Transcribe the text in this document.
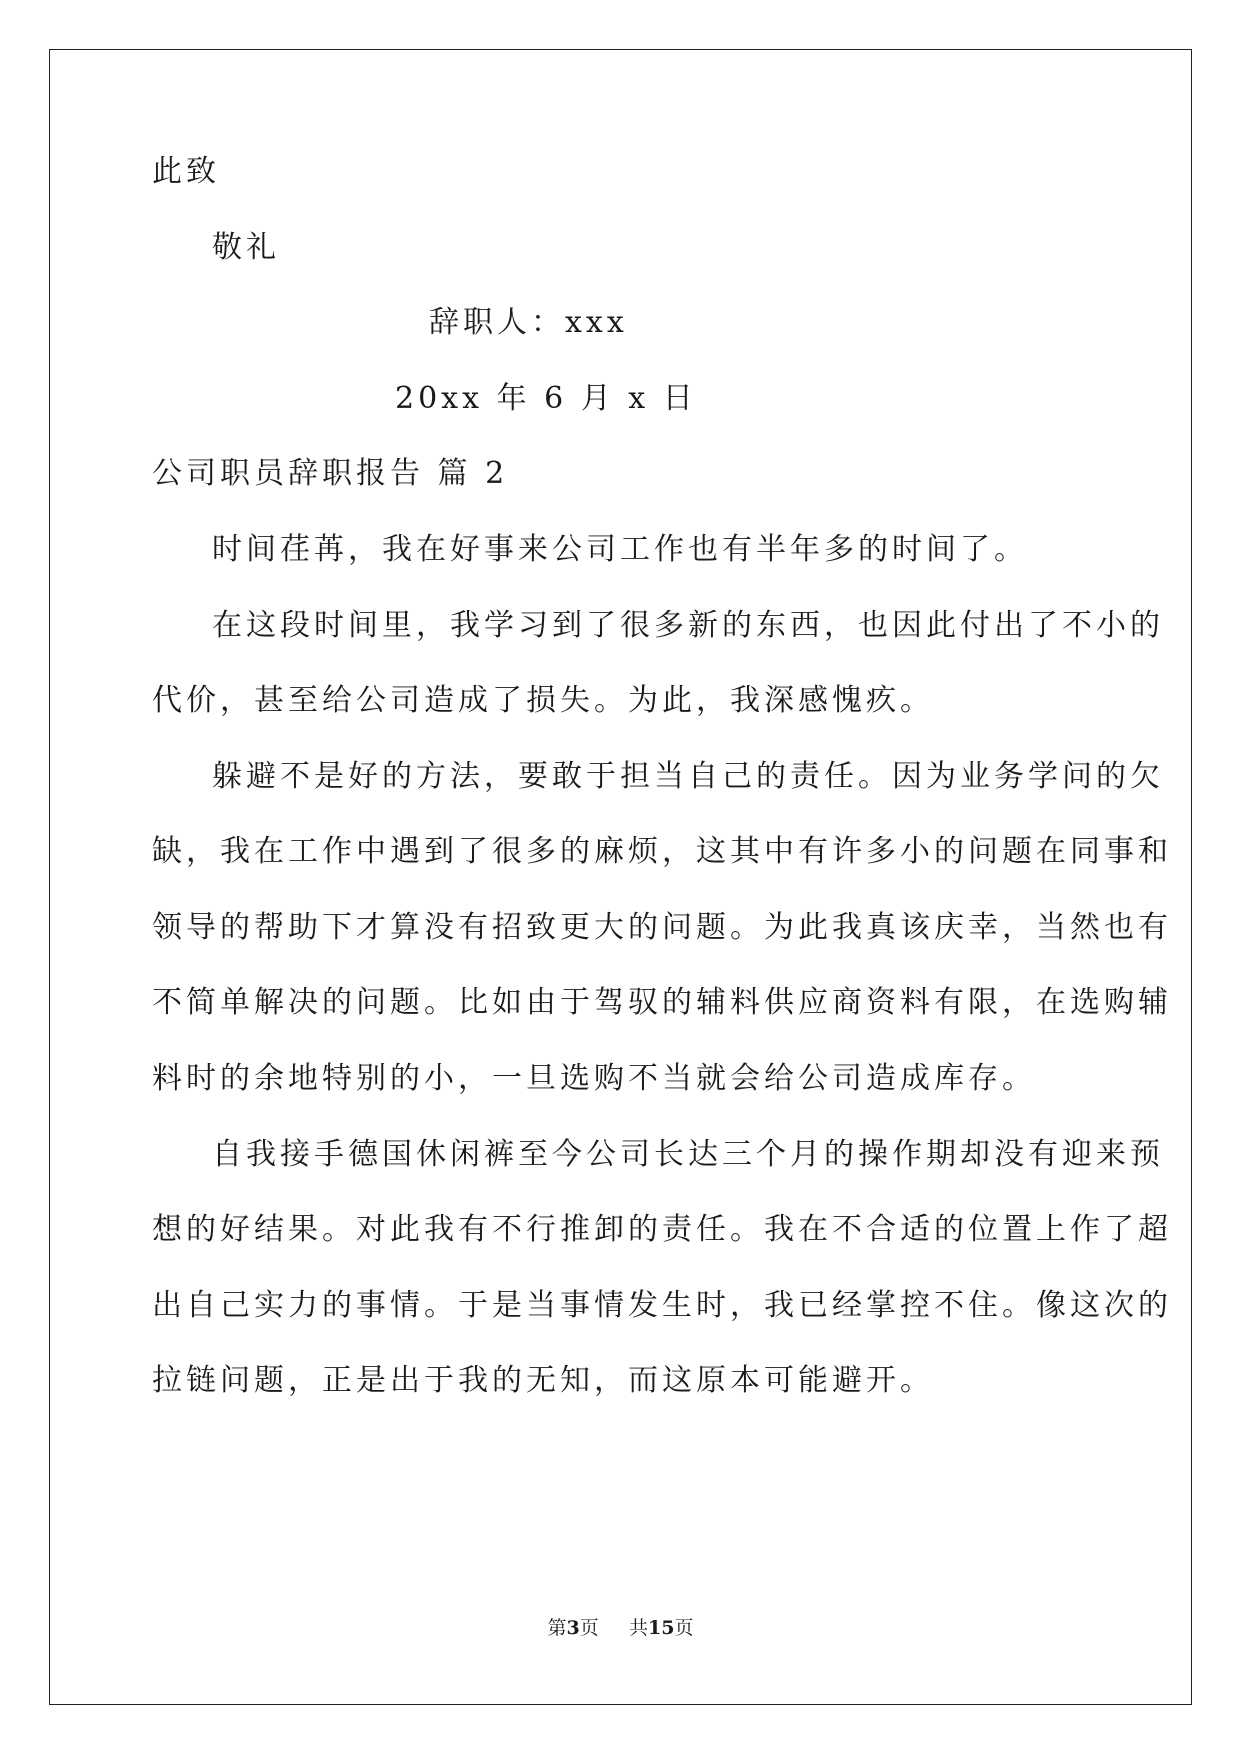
此致
敬礼
辞职人：xxx
20xx 年 6 月 x 日
公司职员辞职报告 篇 2
时间荏苒，我在好事来公司工作也有半年多的时间了。
在这段时间里，我学习到了很多新的东西，也因此付出了不小的
代价，甚至给公司造成了损失。为此，我深感愧疚。
躲避不是好的方法，要敢于担当自己的责任。因为业务学问的欠
缺，我在工作中遇到了很多的麻烦，这其中有许多小的问题在同事和
领导的帮助下才算没有招致更大的问题。为此我真该庆幸，当然也有
不简单解决的问题。比如由于驾驭的辅料供应商资料有限，在选购辅
料时的余地特别的小，一旦选购不当就会给公司造成库存。
自我接手德国休闲裤至今公司长达三个月的操作期却没有迎来预
想的好结果。对此我有不行推卸的责任。我在不合适的位置上作了超
出自己实力的事情。于是当事情发生时，我已经掌控不住。像这次的
拉链问题，正是出于我的无知，而这原本可能避开。
第3页 共15页
